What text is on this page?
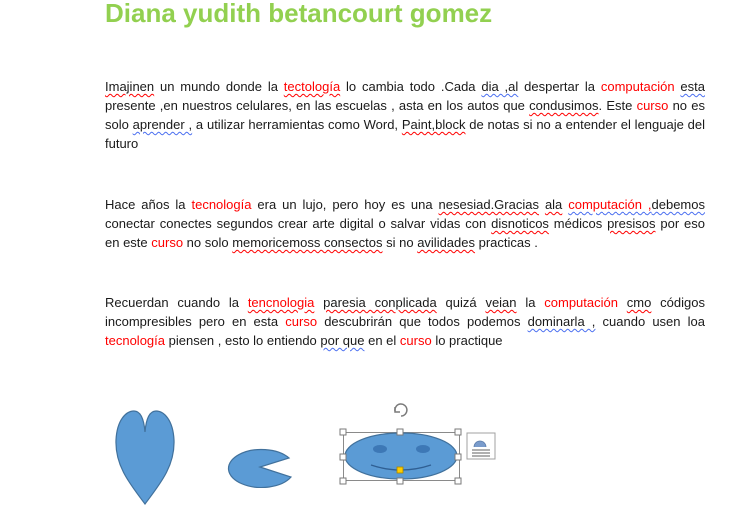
Diana yudith betancourt gomez

Imajinen un mundo donde la tectología lo cambia todo .Cada dia ,al despertar la computación esta presente ,en nuestros celulares, en las escuelas , asta en los autos que condusimos. Este curso no es solo aprender , a utilizar herramientas como Word, Paint,block de notas si no a entender el lenguaje del futuro

Hace años la tecnología era un lujo, pero hoy es una nesesiad.Gracias ala computación ,debemos conectar conectes segundos crear arte digital o salvar vidas con disnoticos médicos presisos por eso en este curso no solo memoricemoss consectos si no avilidades practicas .

Recuerdan cuando la tencnologia paresia conplicada quizá veian la computación cmo códigos incompresibles pero en esta curso descubrirán que todos podemos dominarla , cuando usen loa tecnología piensen , esto lo entiendo por que en el curso lo practique
